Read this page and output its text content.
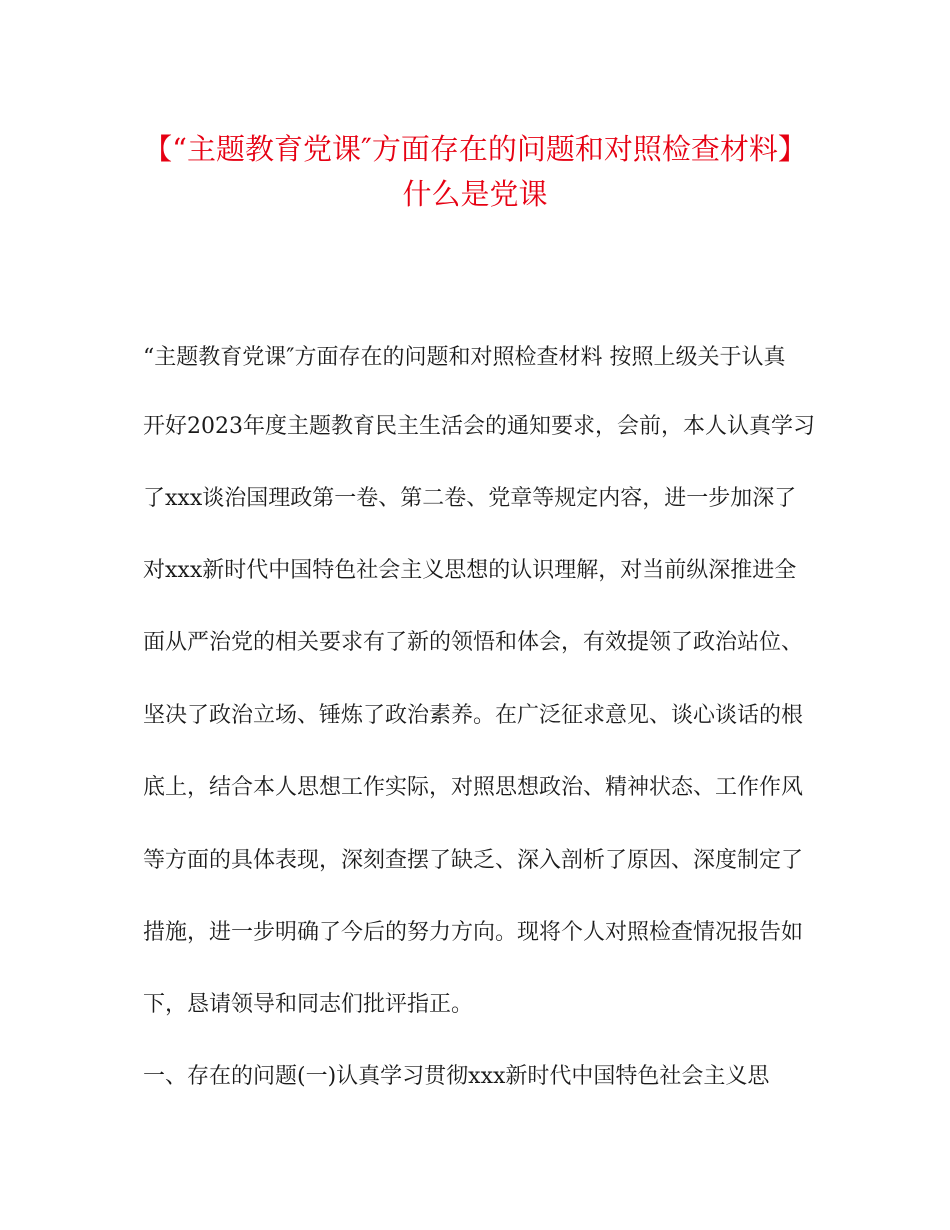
【“主题教育党课″方面存在的问题和对照检查材料】
什么是党课
“主题教育党课″方面存在的问题和对照检查材料 按照上级关于认真
开好2023年度主题教育民主生活会的通知要求，会前，本人认真学习
了xxx谈治国理政第一卷、第二卷、党章等规定内容，进一步加深了
对xxx新时代中国特色社会主义思想的认识理解，对当前纵深推进全
面从严治党的相关要求有了新的领悟和体会，有效提领了政治站位、
坚决了政治立场、锤炼了政治素养。在广泛征求意见、谈心谈话的根
底上，结合本人思想工作实际，对照思想政治、精神状态、工作作风
等方面的具体表现，深刻查摆了缺乏、深入剖析了原因、深度制定了
措施，进一步明确了今后的努力方向。现将个人对照检查情况报告如
下，恳请领导和同志们批评指正。
一、存在的问题(一)认真学习贯彻xxx新时代中国特色社会主义思
